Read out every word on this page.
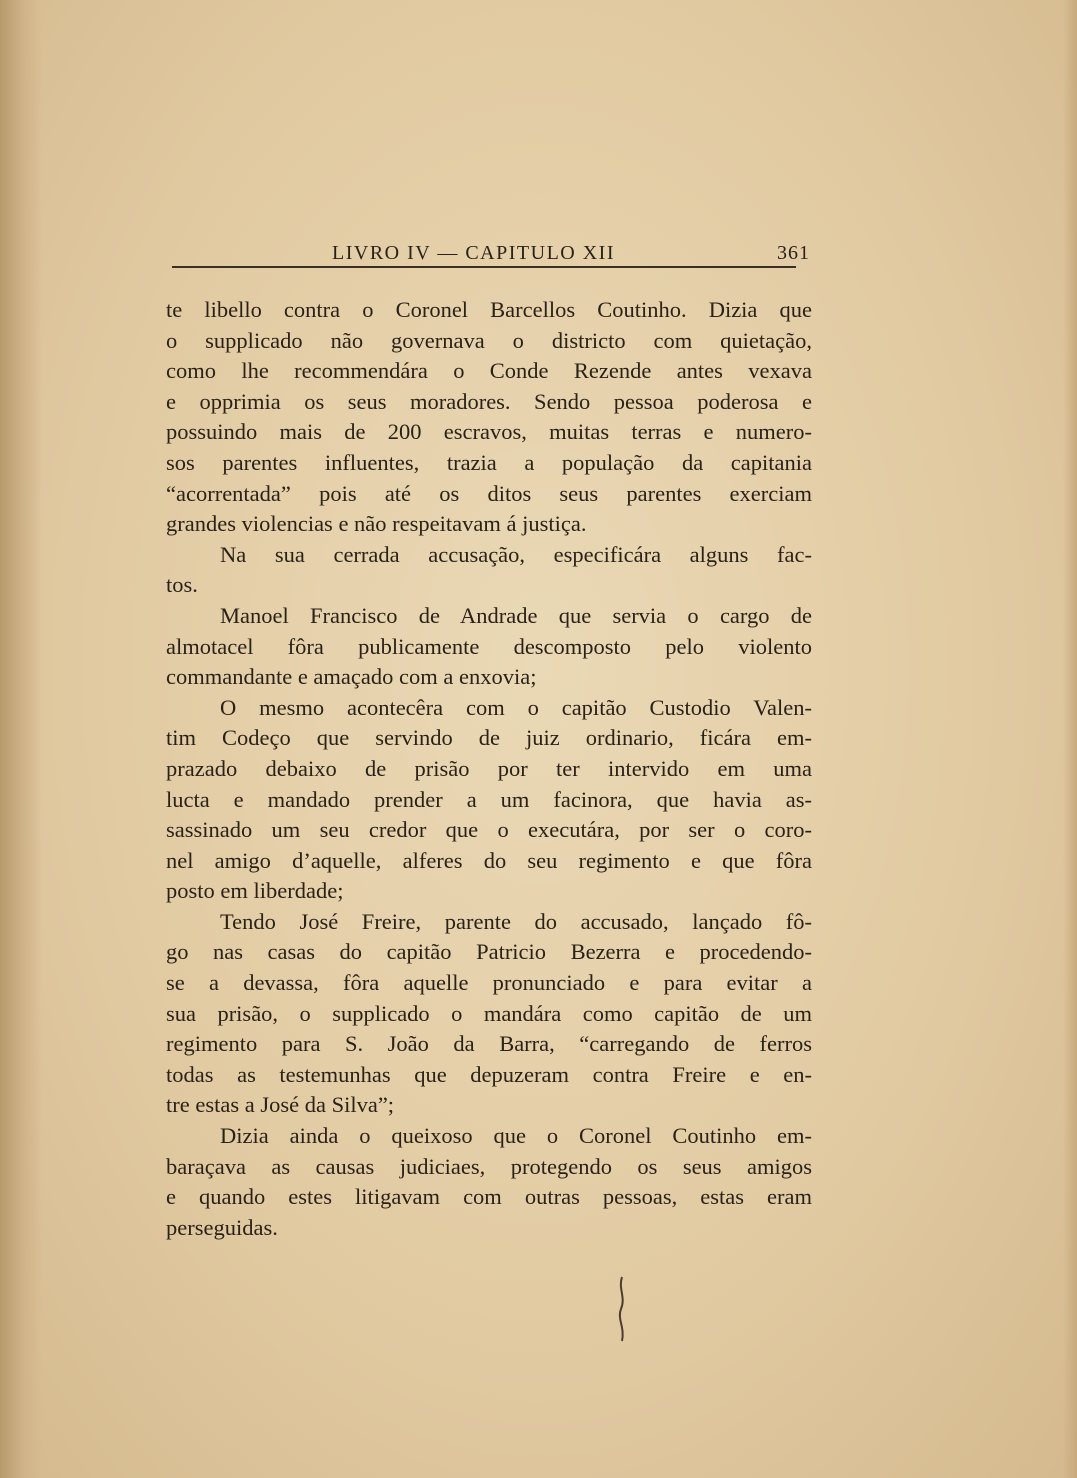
LIVRO IV — CAPITULO XII	361
te libello contra o Coronel Barcellos Coutinho. Dizia que
o supplicado não governava o districto com quietação,
como lhe recommendára o Conde Rezende antes vexava
e opprimia os seus moradores. Sendo pessoa poderosa e
possuindo mais de 200 escravos, muitas terras e numero-
sos parentes influentes, trazia a população da capitania
“acorrentada” pois até os ditos seus parentes exerciam
grandes violencias e não respeitavam á justiça.
Na sua cerrada accusação, especificára alguns fac-
tos.
Manoel Francisco de Andrade que servia o cargo de
almotacel fôra publicamente descomposto pelo violento
commandante e amaçado com a enxovia;
O mesmo acontecêra com o capitão Custodio Valen-
tim Codeço que servindo de juiz ordinario, ficára em-
prazado debaixo de prisão por ter intervido em uma
lucta e mandado prender a um facinora, que havia as-
sassinado um seu credor que o executára, por ser o coro-
nel amigo d’aquelle, alferes do seu regimento e que fôra
posto em liberdade;
Tendo José Freire, parente do accusado, lançado fô-
go nas casas do capitão Patricio Bezerra e procedendo-
se a devassa, fôra aquelle pronunciado e para evitar a
sua prisão, o supplicado o mandára como capitão de um
regimento para S. João da Barra, “carregando de ferros
todas as testemunhas que depuzeram contra Freire e en-
tre estas a José da Silva”;
Dizia ainda o queixoso que o Coronel Coutinho em-
baraçava as causas judiciaes, protegendo os seus amigos
e quando estes litigavam com outras pessoas, estas eram
perseguidas.
